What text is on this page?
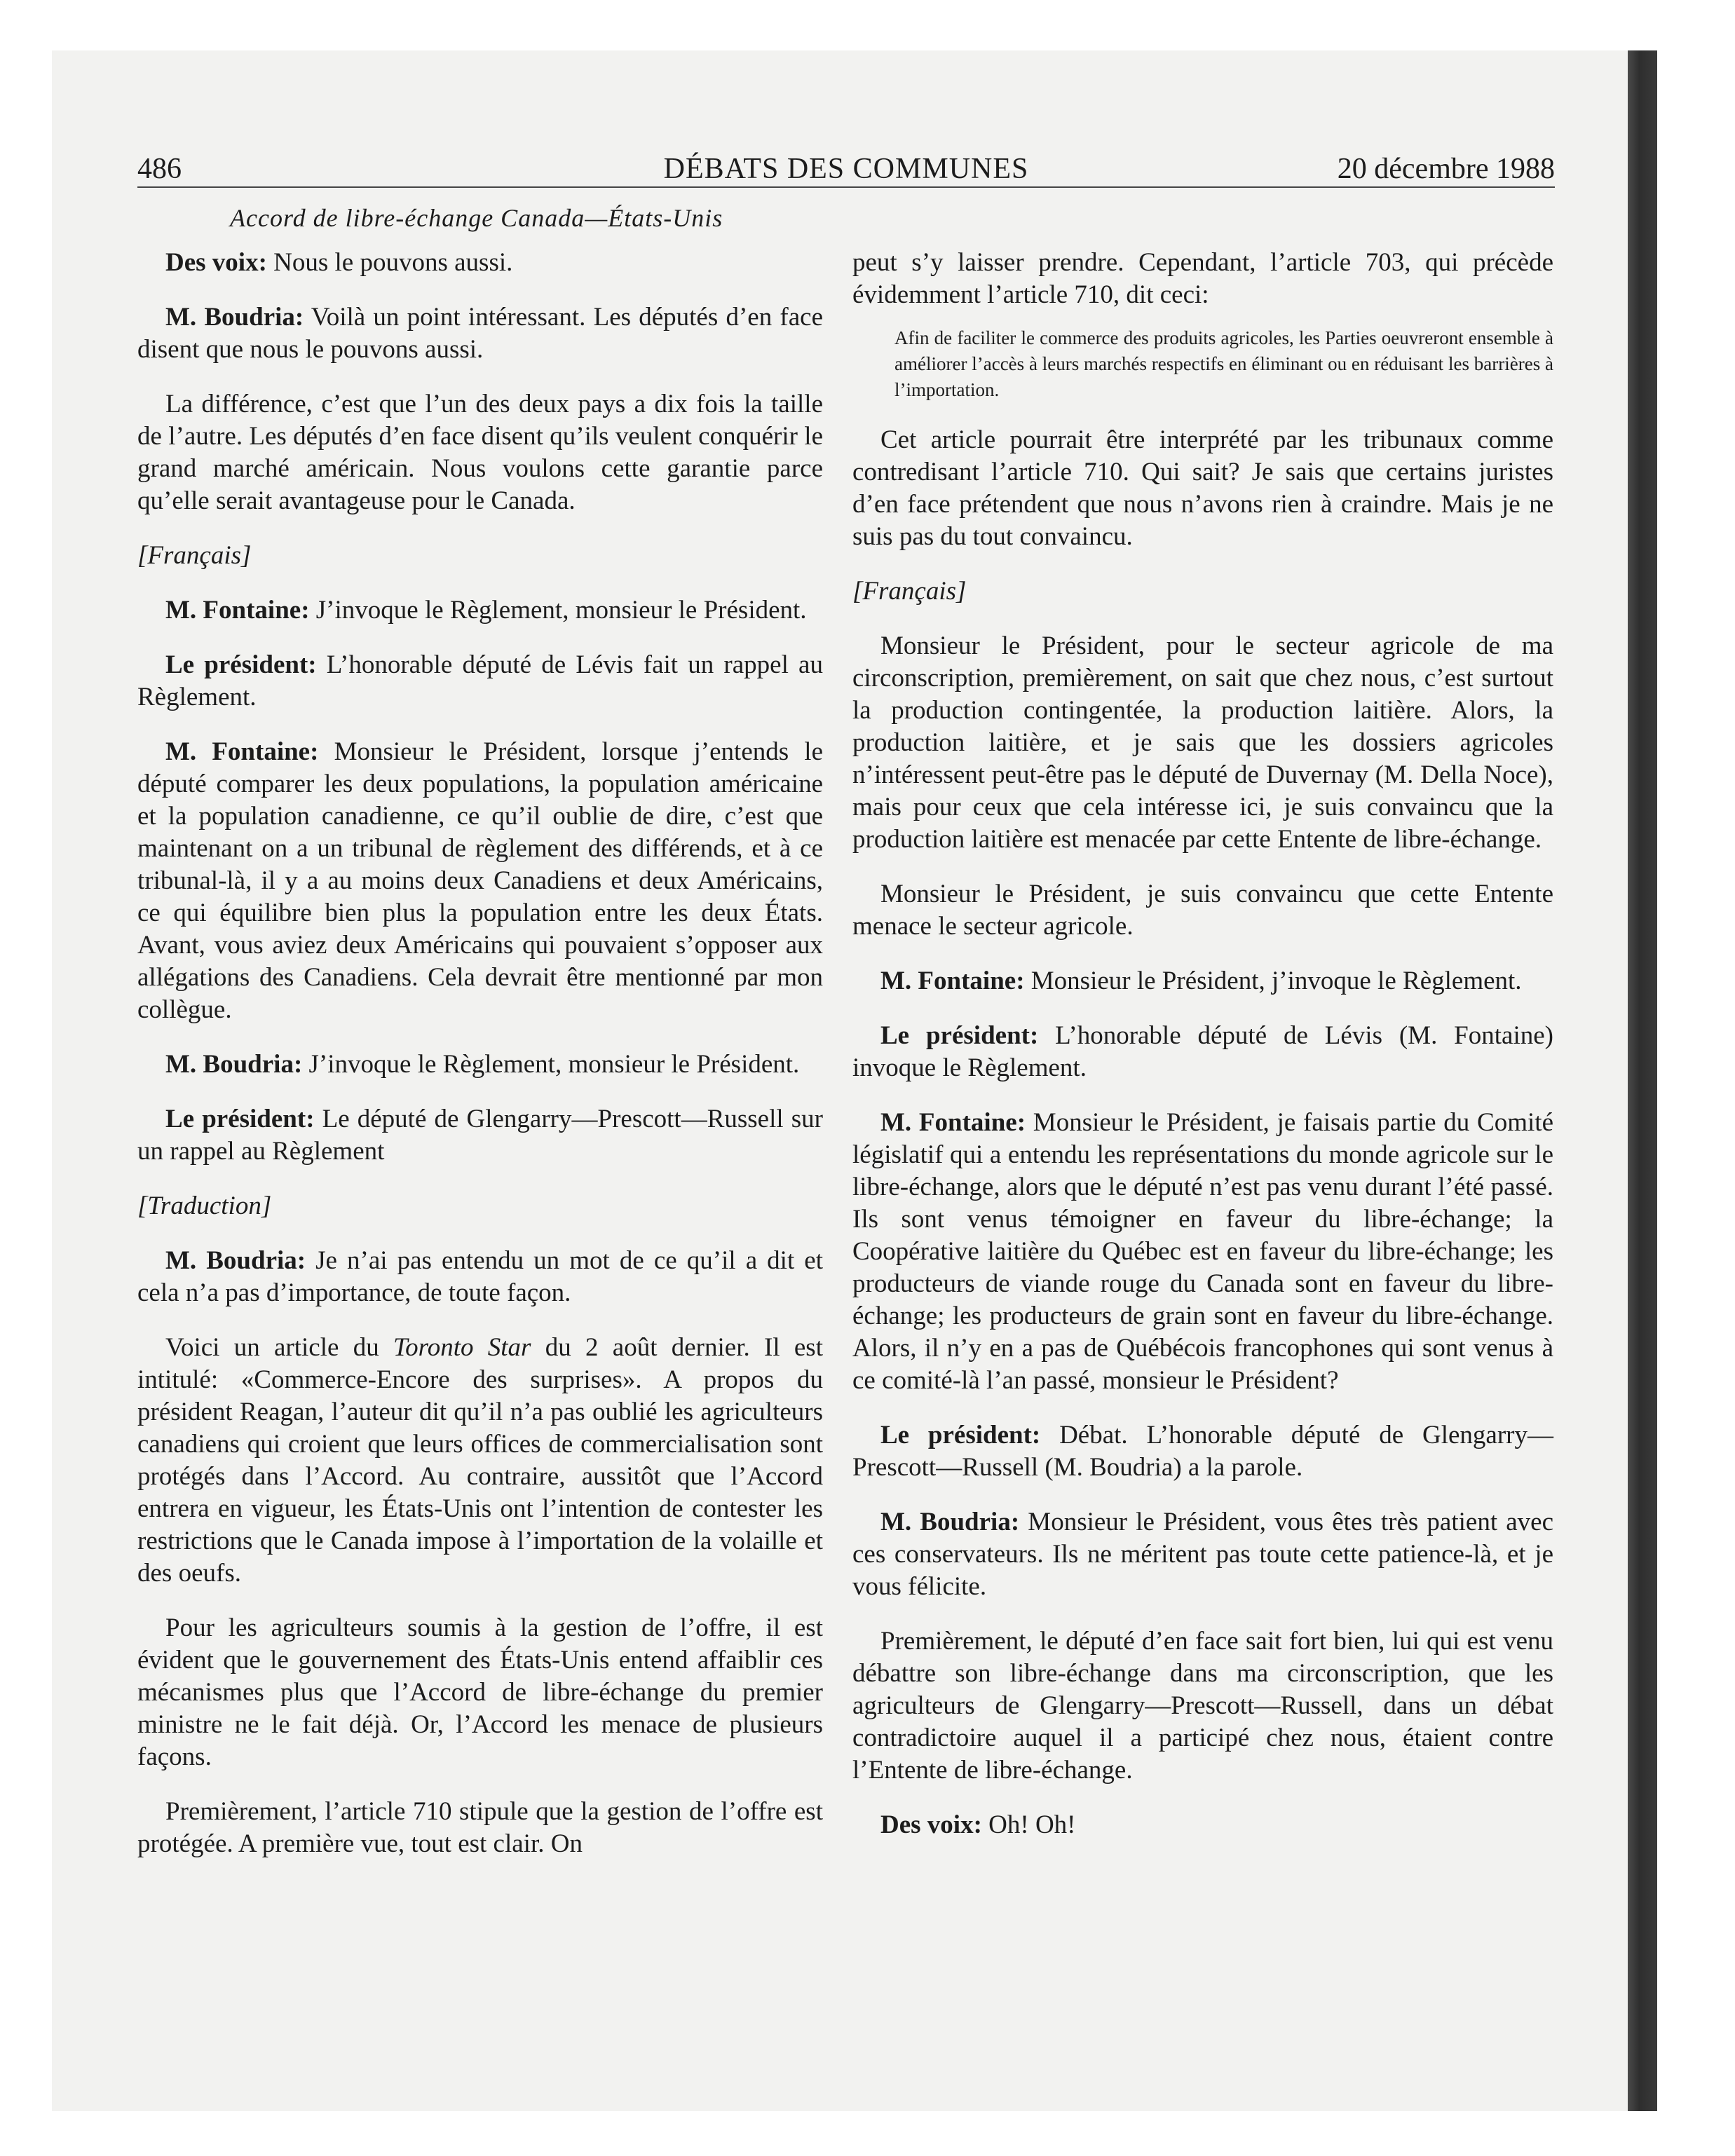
486	DÉBATS DES COMMUNES	20 décembre 1988
Accord de libre-échange Canada—États-Unis

Des voix: Nous le pouvons aussi.

M. Boudria: Voilà un point intéressant. Les députés d’en face disent que nous le pouvons aussi.

La différence, c’est que l’un des deux pays a dix fois la taille de l’autre. Les députés d’en face disent qu’ils veulent conquérir le grand marché américain. Nous voulons cette garantie parce qu’elle serait avantageuse pour le Canada.

[Français]

M. Fontaine: J’invoque le Règlement, monsieur le Président.

Le président: L’honorable député de Lévis fait un rappel au Règlement.

M. Fontaine: Monsieur le Président, lorsque j’entends le député comparer les deux populations, la population américaine et la population canadienne, ce qu’il oublie de dire, c’est que maintenant on a un tribunal de règlement des différends, et à ce tribunal-là, il y a au moins deux Canadiens et deux Américains, ce qui équilibre bien plus la population entre les deux États. Avant, vous aviez deux Américains qui pouvaient s’opposer aux allégations des Canadiens. Cela devrait être mentionné par mon collègue.

M. Boudria: J’invoque le Règlement, monsieur le Président.

Le président: Le député de Glengarry—Prescott—Russell sur un rappel au Règlement

[Traduction]

M. Boudria: Je n’ai pas entendu un mot de ce qu’il a dit et cela n’a pas d’importance, de toute façon.

Voici un article du Toronto Star du 2 août dernier. Il est intitulé: «Commerce-Encore des surprises». A propos du président Reagan, l’auteur dit qu’il n’a pas oublié les agriculteurs canadiens qui croient que leurs offices de commercialisation sont protégés dans l’Accord. Au contraire, aussitôt que l’Accord entrera en vigueur, les États-Unis ont l’intention de contester les restrictions que le Canada impose à l’importation de la volaille et des oeufs.

Pour les agriculteurs soumis à la gestion de l’offre, il est évident que le gouvernement des États-Unis entend affaiblir ces mécanismes plus que l’Accord de libre-échange du premier ministre ne le fait déjà. Or, l’Accord les menace de plusieurs façons.

Premièrement, l’article 710 stipule que la gestion de l’offre est protégée. A première vue, tout est clair. On

peut s’y laisser prendre. Cependant, l’article 703, qui précède évidemment l’article 710, dit ceci:

Afin de faciliter le commerce des produits agricoles, les Parties oeuvreront ensemble à améliorer l’accès à leurs marchés respectifs en éliminant ou en réduisant les barrières à l’importation.

Cet article pourrait être interprété par les tribunaux comme contredisant l’article 710. Qui sait? Je sais que certains juristes d’en face prétendent que nous n’avons rien à craindre. Mais je ne suis pas du tout convaincu.

[Français]

Monsieur le Président, pour le secteur agricole de ma circonscription, premièrement, on sait que chez nous, c’est surtout la production contingentée, la production laitière. Alors, la production laitière, et je sais que les dossiers agricoles n’intéressent peut-être pas le député de Duvernay (M. Della Noce), mais pour ceux que cela intéresse ici, je suis convaincu que la production laitière est menacée par cette Entente de libre-échange.

Monsieur le Président, je suis convaincu que cette Entente menace le secteur agricole.

M. Fontaine: Monsieur le Président, j’invoque le Règlement.

Le président: L’honorable député de Lévis (M. Fontaine) invoque le Règlement.

M. Fontaine: Monsieur le Président, je faisais partie du Comité législatif qui a entendu les représentations du monde agricole sur le libre-échange, alors que le député n’est pas venu durant l’été passé. Ils sont venus témoigner en faveur du libre-échange; la Coopérative laitière du Québec est en faveur du libre-échange; les producteurs de viande rouge du Canada sont en faveur du libre-échange; les producteurs de grain sont en faveur du libre-échange. Alors, il n’y en a pas de Québécois francophones qui sont venus à ce comité-là l’an passé, monsieur le Président?

Le président: Débat. L’honorable député de Glengarry—Prescott—Russell (M. Boudria) a la parole.

M. Boudria: Monsieur le Président, vous êtes très patient avec ces conservateurs. Ils ne méritent pas toute cette patience-là, et je vous félicite.

Premièrement, le député d’en face sait fort bien, lui qui est venu débattre son libre-échange dans ma circonscription, que les agriculteurs de Glengarry—Prescott—Russell, dans un débat contradictoire auquel il a participé chez nous, étaient contre l’Entente de libre-échange.

Des voix: Oh! Oh!
